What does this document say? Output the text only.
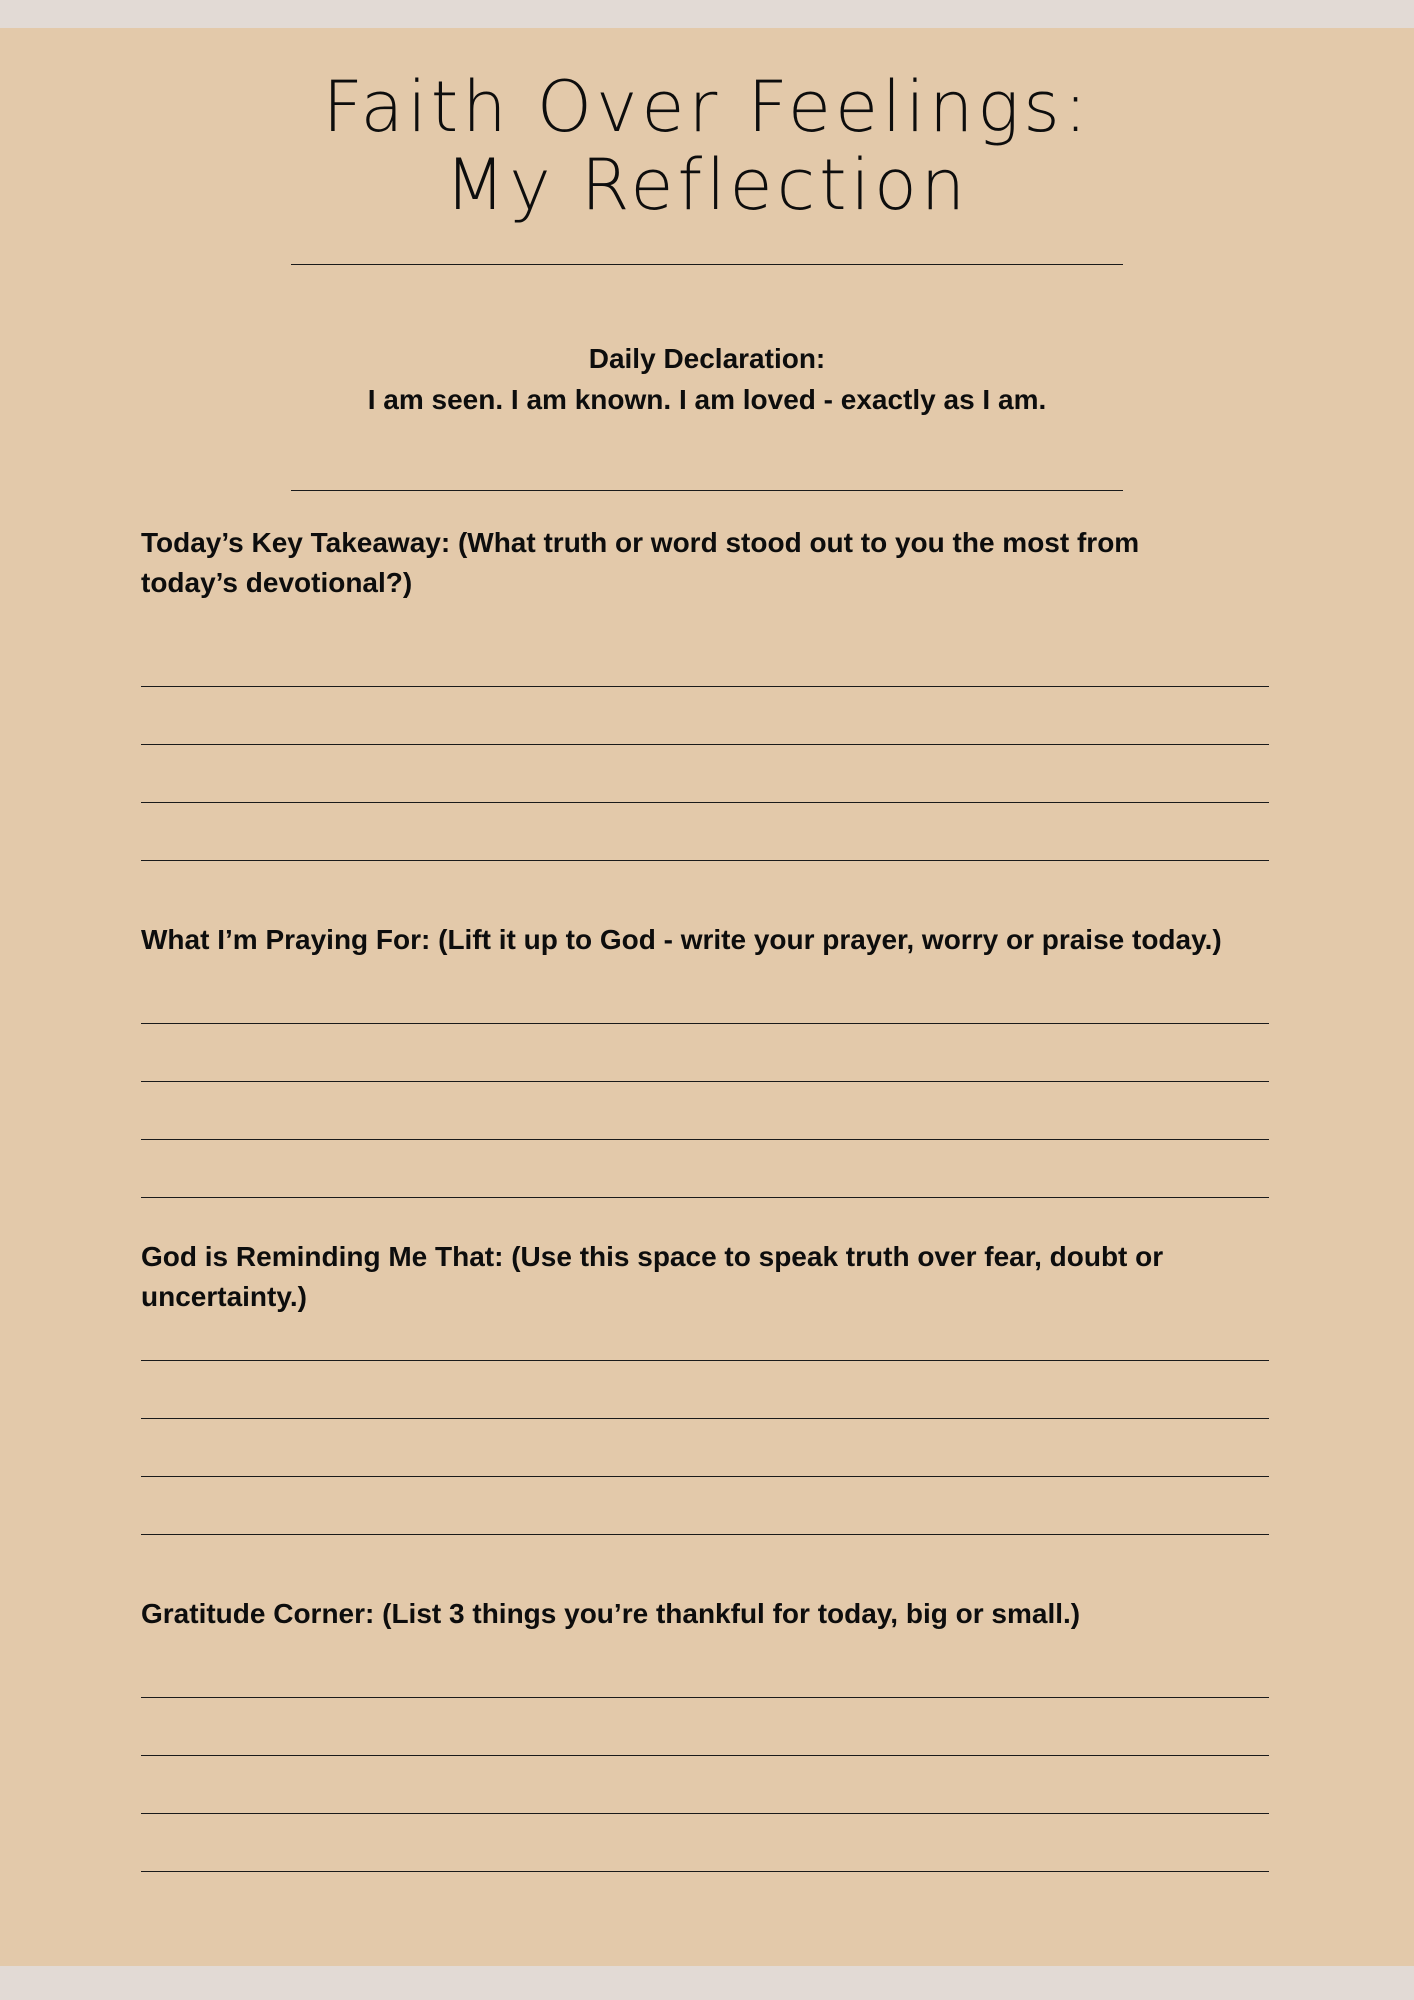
Faith Over Feelings:
My Reflection
Daily Declaration:
I am seen. I am known. I am loved - exactly as I am.
Today’s Key Takeaway: (What truth or word stood out to you the most from
today’s devotional?)
What I’m Praying For: (Lift it up to God - write your prayer, worry or praise today.)
God is Reminding Me That: (Use this space to speak truth over fear, doubt or
uncertainty.)
Gratitude Corner: (List 3 things you’re thankful for today, big or small.)
